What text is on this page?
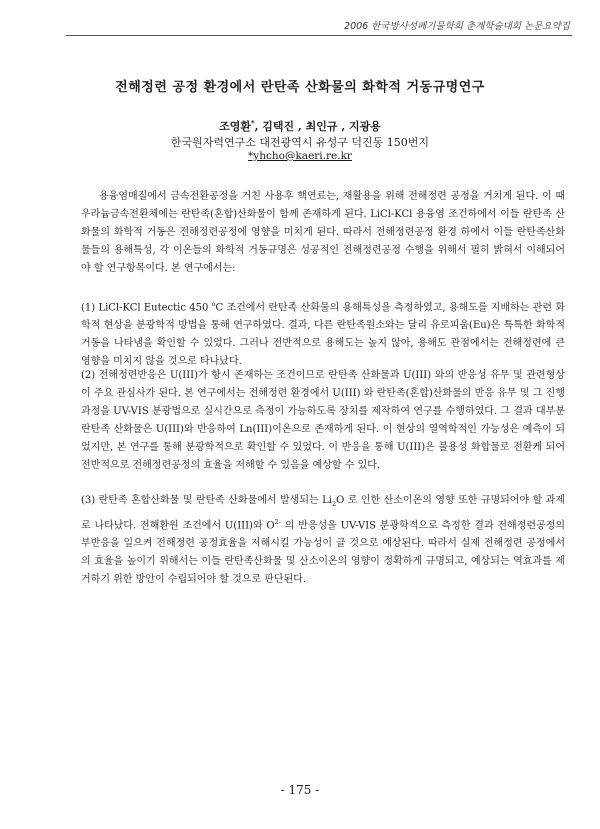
2006 한국방사성폐기물학회 춘계학술대회 논문요약집
전해정련 공정 환경에서 란탄족 산화물의 화학적 거동규명연구
조영환*, 김택진 , 최인규 , 지광용
한국원자력연구소 대전광역시 유성구 덕진동 150번지
*yhcho@kaeri.re.kr
용융염매질에서 금속전환공정을 거친 사용후 핵연료는, 재활용을 위해 전해정련 공정을 거치게 된다. 이 때 우라늄금속전환체에는 란탄족(혼합)산화물이 함께 존재하게 된다. LiCl-KCl 용융염 조건하에서 이들 란탄족 산화물의 화학적 거동은 전해정련공정에 영향을 미치게 된다. 따라서 전해정련공정 환경 하에서 이들 란탄족산화물들의 용해특성, 각 이온들의 화학적 거동규명은 성공적인 전해정련공정 수행을 위해서 필히 밝혀서 이해되어야 할 연구항목이다. 본 연구에서는:
(1) LiCl-KCl Eutectic 450 $^o$C 조건에서 란탄족 산화물의 용해특성을 측정하였고, 용해도를 지배하는 관련 화학적 현상을 분광학적 방법을 통해 연구하였다. 결과, 다른 란탄족원소와는 달리 유로피움(Eu)은 특특한 화학적 거동을 나타냄을 확인할 수 있었다. 그러나 전반적으로 용해도는 높지 않아, 용해도 관점에서는 전해정련에 큰 영향을 미치지 않을 것으로 타나났다.
(2) 전해정련반응은 U(III)가 항시 존재하는 조건이므로 란탄족 산화물과 U(III) 와의 반응성 유무 및 관련형상이 주요 관심사가 된다. 본 연구에서는 전해정련 환경에서 U(III) 와 란탄족(혼합)산화물의 반응 유무 및 그 진행과정을 UV-VIS 분광법으로 실시간으로 측정이 가능하도록 장치를 제작하여 연구를 수행하였다. 그 결과 대부분 란탄족 산화물은 U(III)와 반응하여 Ln(III)이온으로 존재하게 된다. 이 현상의 열역학적인 가능성은 예측이 되었지만, 본 연구를 통해 분광학적으로 확인할 수 있었다. 이 반응을 통해 U(III)은 불용성 화합물로 전환케 되어 전반적으로 전해정련공정의 효율을 저해할 수 있음을 예상할 수 있다.
(3) 란탄족 혼합산화물 및 란탄족 산화물에서 발생되는 $Li_2O$ 로 인한 산소이온의 영향 또한 규명되어야 할 과제로 나타났다. 전해환원 조건에서 U(III)와 $O^{2-}$ 의 반응성을 UV-VIS 분광학적으로 측정한 결과 전해정련공정의 부반응을 일으켜 전해정련 공정효율을 저해시킬 가능성이 클 것으로 예상된다. 따라서 실제 전해정련 공정에서의 효율을 높이기 위해서는 이들 란탄족산화물 및 산소이온의 영향이 정확하게 규명되고, 예상되는 역효과를 제거하기 위한 방안이 수립되어야 할 것으로 판단된다.
- 175 -
